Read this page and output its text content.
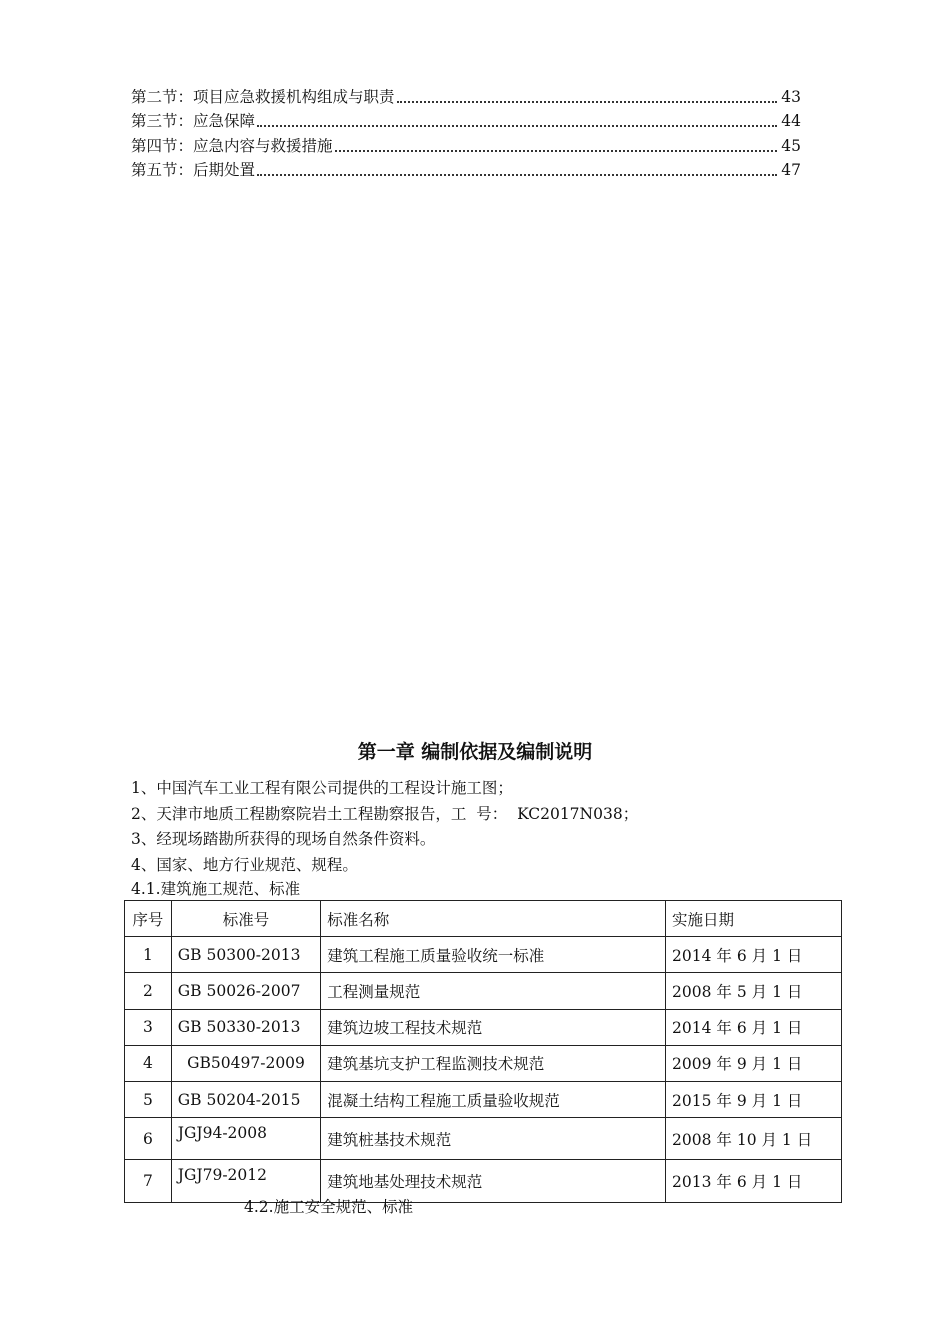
第二节：项目应急救援机构组成与职责	43
第三节：应急保障	44
第四节：应急内容与救援措施	45
第五节：后期处置	47
第一章 编制依据及编制说明

1、中国汽车工业工程有限公司提供的工程设计施工图；

2、天津市地质工程勘察院岩土工程勘察报告，工  号：  KC2017N038；

3、经现场踏勘所获得的现场自然条件资料。

4、国家、地方行业规范、规程。

4.1.建筑施工规范、标准
序号	标准号	标准名称	实施日期
1	GB 50300-2013	建筑工程施工质量验收统一标准	2014 年 6 月 1 日
2	GB 50026-2007	工程测量规范	2008 年 5 月 1 日
3	GB 50330-2013	建筑边坡工程技术规范	2014 年 6 月 1 日
4	GB50497-2009	建筑基坑支护工程监测技术规范	2009 年 9 月 1 日
5	GB 50204-2015	混凝土结构工程施工质量验收规范	2015 年 9 月 1 日
6	JGJ94-2008	建筑桩基技术规范	2008 年 10 月 1 日
7	JGJ79-2012	建筑地基处理技术规范	2013 年 6 月 1 日
4.2.施工安全规范、标准
